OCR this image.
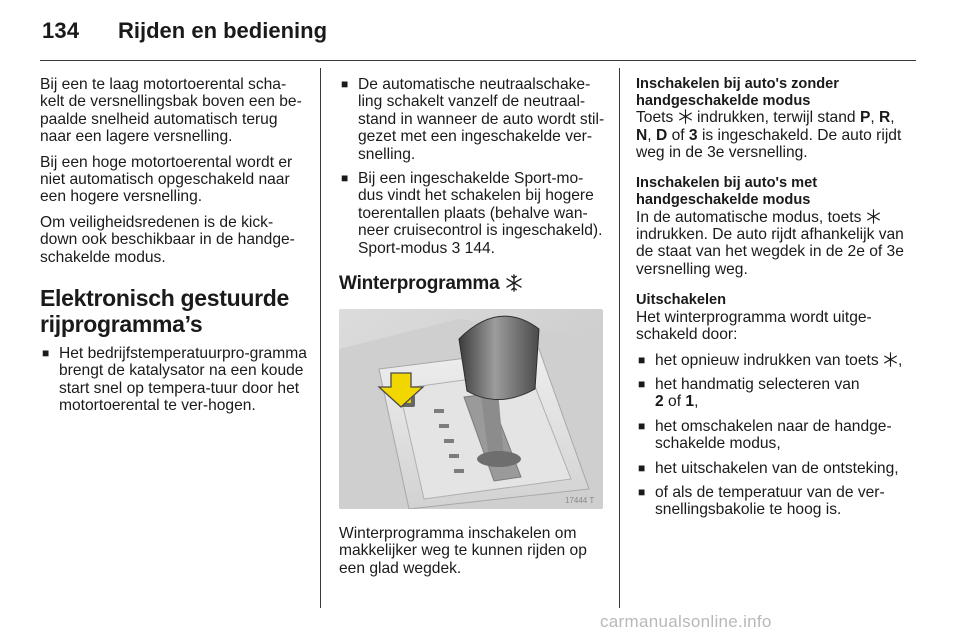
134	Rijden en bediening

Bij een te laag motortoerental scha-kelt de versnellingsbak boven een be-paalde snelheid automatisch terug naar een lagere versnelling.

Bij een hoge motortoerental wordt er niet automatisch opgeschakeld naar een hogere versnelling.

Om veiligheidsredenen is de kick-down ook beschikbaar in de handge-schakelde modus.

Elektronisch gestuurde rijprogramma’s
■ Het bedrijfstemperatuurpro-gramma brengt de katalysator na een koude start snel op tempera-tuur door het motortoerental te ver-hogen.
■ De automatische neutraalschake-ling schakelt vanzelf de neutraal-stand in wanneer de auto wordt stil-gezet met een ingeschakelde ver-snelling.
■ Bij een ingeschakelde Sport-mo-dus vindt het schakelen bij hogere toerentallen plaats (behalve wan-neer cruisecontrol is ingeschakeld). Sport-modus 3 144.
Winterprogramma
17444 T

Winterprogramma inschakelen om makkelijker weg te kunnen rijden op een glad wegdek.

Inschakelen bij auto's zonder handgeschakelde modus

Toets indrukken, terwijl stand P, R, N, D of 3 is ingeschakeld. De auto rijdt weg in de 3e versnelling.

Inschakelen bij auto's met handgeschakelde modus

In de automatische modus, toets  indrukken. De auto rijdt afhankelijk van de staat van het wegdek in de 2e of 3e versnelling weg.

Uitschakelen

Het winterprogramma wordt uitge-schakeld door:

■ het opnieuw indrukken van toets ,
■ het handmatig selecteren van
2 of 1,
■ het omschakelen naar de handge-schakelde modus,
■ het uitschakelen van de ontsteking,
■ of als de temperatuur van de ver-snellingsbakolie te hoog is.
carmanualsonline.info
